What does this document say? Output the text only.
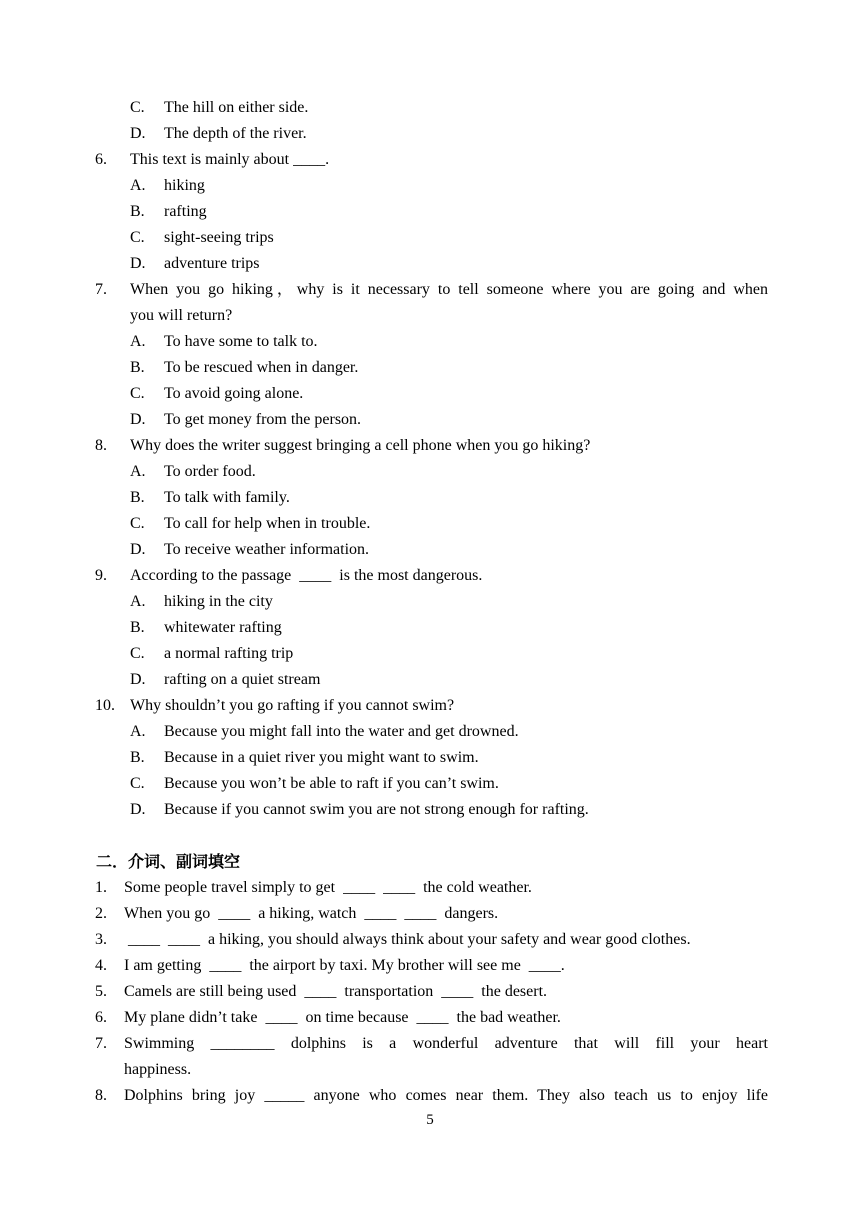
C. The hill on either side.
D. The depth of the river.
6. This text is mainly about ____.
A. hiking
B. rafting
C. sight-seeing trips
D. adventure trips
7. When you go hiking，why is it necessary to tell someone where you are going and when
you will return?
A. To have some to talk to.
B. To be rescued when in danger.
C. To avoid going alone.
D. To get money from the person.
8. Why does the writer suggest bringing a cell phone when you go hiking?
A. To order food.
B. To talk with family.
C. To call for help when in trouble.
D. To receive weather information.
9. According to the passage  ____  is the most dangerous.
A. hiking in the city
B. whitewater rafting
C. a normal rafting trip
D. rafting on a quiet stream
10. Why shouldn’t you go rafting if you cannot swim?
A. Because you might fall into the water and get drowned.
B. Because in a quiet river you might want to swim.
C. Because you won’t be able to raft if you can’t swim.
D. Because if you cannot swim you are not strong enough for rafting.
二．介词、副词填空
1. Some people travel simply to get  ____  ____  the cold weather.
2. When you go  ____  a hiking, watch  ____  ____  dangers.
3. ____  ____  a hiking, you should always think about your safety and wear good clothes.
4. I am getting  ____  the airport by taxi. My brother will see me  ____.
5. Camels are still being used  ____  transportation  ____  the desert.
6. My plane didn’t take  ____  on time because  ____  the bad weather.
7. Swimming ________ dolphins is a wonderful adventure that will fill your heart
happiness.
8. Dolphins bring joy _____ anyone who comes near them. They also teach us to enjoy life
5
